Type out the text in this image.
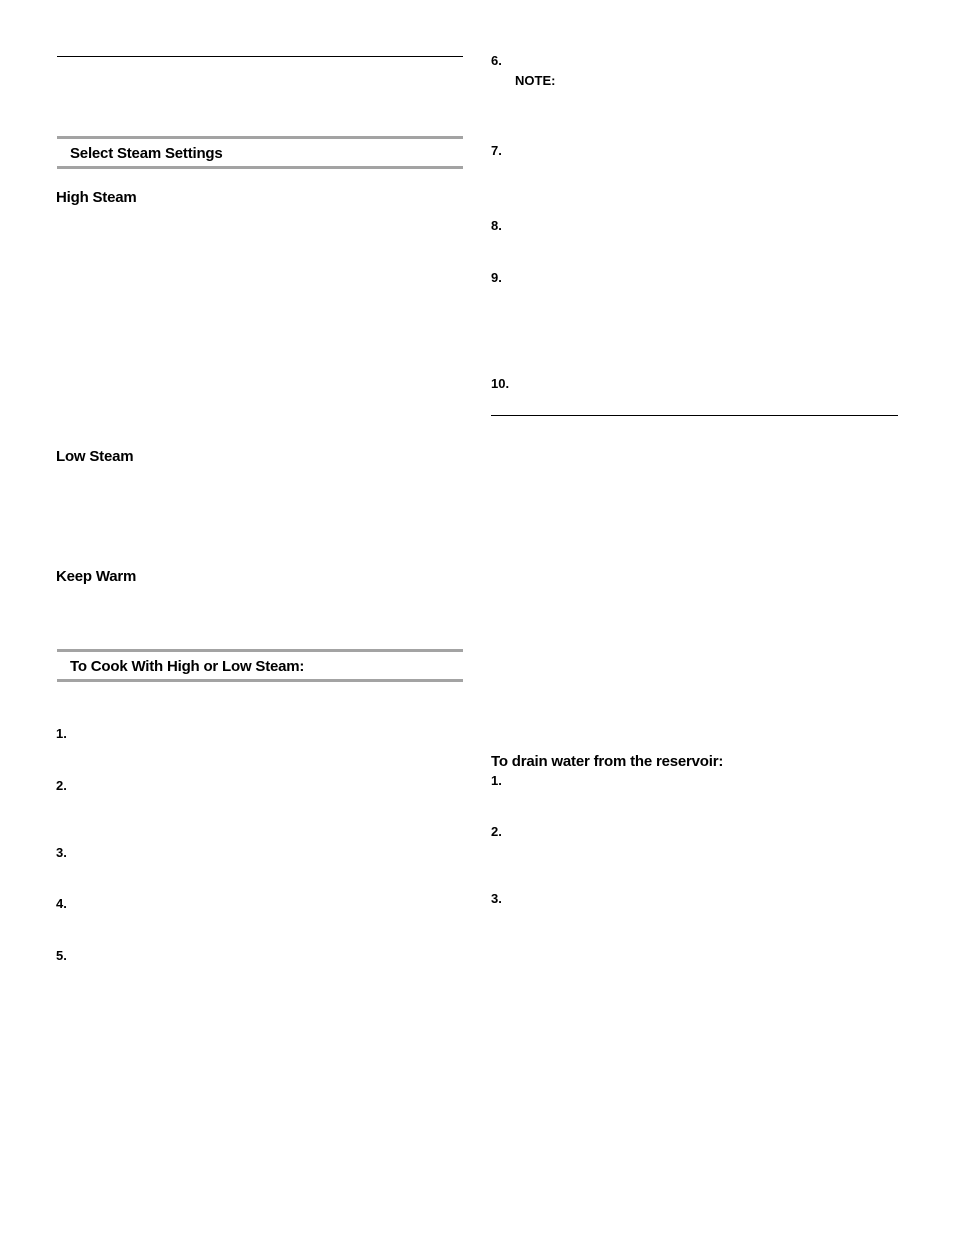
Select Steam Settings
High Steam
Low Steam
Keep Warm
To Cook With High or Low Steam:
1.
2.
3.
4.
5.
6.
NOTE:
7.
8.
9.
10.
To drain water from the reservoir:
1.
2.
3.
